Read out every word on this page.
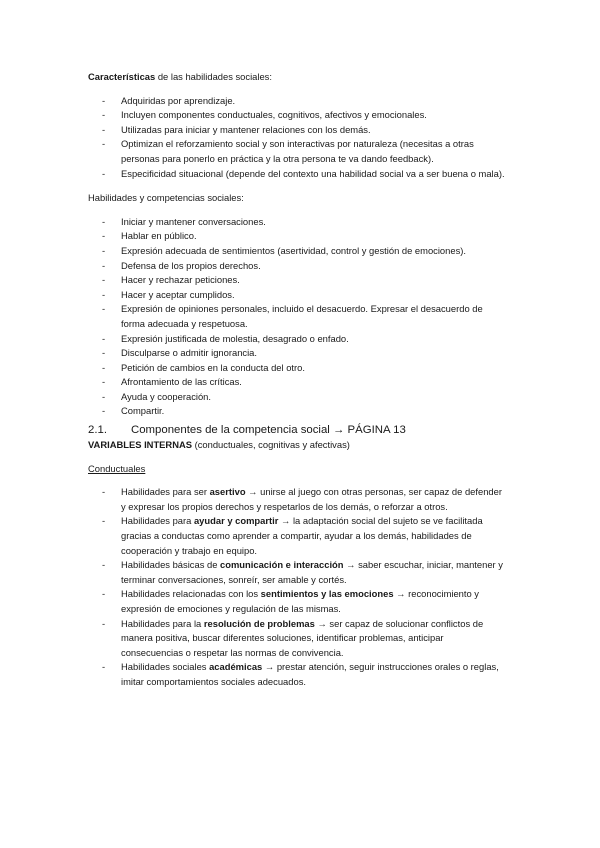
Características de las habilidades sociales:

- Adquiridas por aprendizaje.
- Incluyen componentes conductuales, cognitivos, afectivos y emocionales.
- Utilizadas para iniciar y mantener relaciones con los demás.
- Optimizan el reforzamiento social y son interactivas por naturaleza (necesitas a otras personas para ponerlo en práctica y la otra persona te va dando feedback).
- Especificidad situacional (depende del contexto una habilidad social va a ser buena o mala).

Habilidades y competencias sociales:

- Iniciar y mantener conversaciones.
- Hablar en público.
- Expresión adecuada de sentimientos (asertividad, control y gestión de emociones).
- Defensa de los propios derechos.
- Hacer y rechazar peticiones.
- Hacer y aceptar cumplidos.
- Expresión de opiniones personales, incluido el desacuerdo. Expresar el desacuerdo de forma adecuada y respetuosa.
- Expresión justificada de molestia, desagrado o enfado.
- Disculparse o admitir ignorancia.
- Petición de cambios en la conducta del otro.
- Afrontamiento de las críticas.
- Ayuda y cooperación.
- Compartir.
2.1.	Componentes de la competencia social → PÁGINA 13

VARIABLES INTERNAS (conductuales, cognitivas y afectivas)

Conductuales

- Habilidades para ser asertivo → unirse al juego con otras personas, ser capaz de defender y expresar los propios derechos y respetarlos de los demás, o reforzar a otros.
- Habilidades para ayudar y compartir → la adaptación social del sujeto se ve facilitada gracias a conductas como aprender a compartir, ayudar a los demás, habilidades de cooperación y trabajo en equipo.
- Habilidades básicas de comunicación e interacción → saber escuchar, iniciar, mantener y terminar conversaciones, sonreír, ser amable y cortés.
- Habilidades relacionadas con los sentimientos y las emociones → reconocimiento y expresión de emociones y regulación de las mismas.
- Habilidades para la resolución de problemas → ser capaz de solucionar conflictos de manera positiva, buscar diferentes soluciones, identificar problemas, anticipar consecuencias o respetar las normas de convivencia.
- Habilidades sociales académicas → prestar atención, seguir instrucciones orales o reglas, imitar comportamientos sociales adecuados.
